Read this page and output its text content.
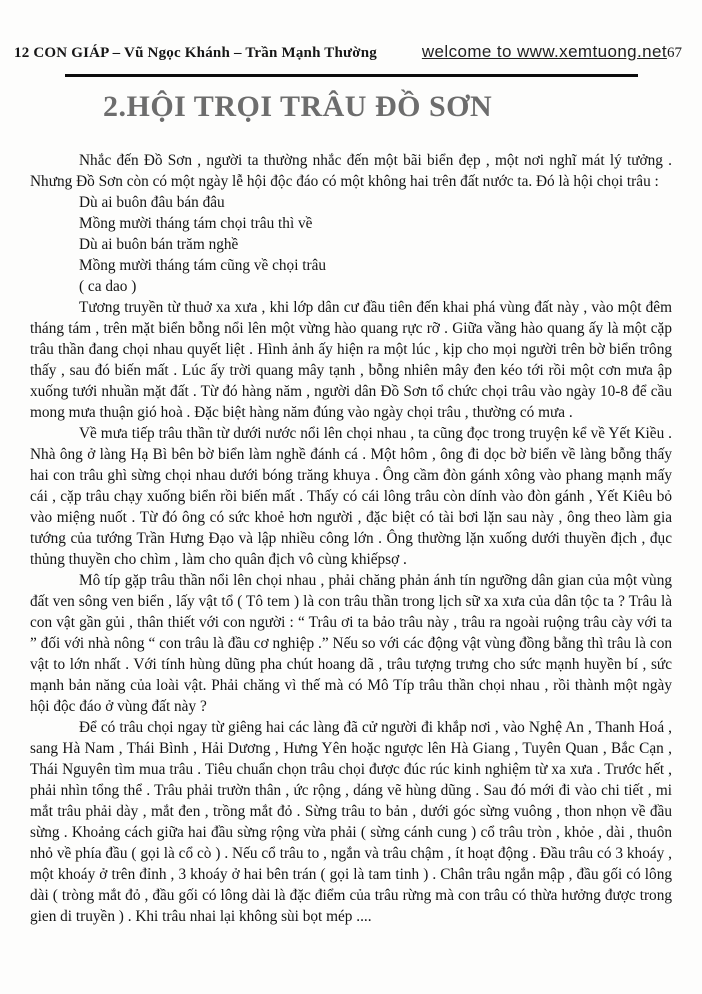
12 CON GIÁP – Vũ Ngọc Khánh – Trần Mạnh Thường	welcome to www.xemtuong.net 67
2.HỘI TRỌI TRÂU ĐỒ SƠN

Nhắc đến Đồ Sơn , người ta thường nhắc đến một bãi biển đẹp , một nơi nghĩ mát lý tưởng . Nhưng Đồ Sơn còn có một ngày lễ hội độc đáo có một không hai trên đất nước ta. Đó là hội chọi trâu :

Dù ai buôn đâu bán đâu
Mồng mười tháng tám chọi trâu thì về
Dù ai buôn bán trăm nghề
Mồng mười tháng tám cũng về chọi trâu
( ca dao )

Tương truyền từ thuở xa xưa , khi lớp dân cư đầu tiên đến khai phá vùng đất này , vào một đêm tháng tám , trên mặt biển bỗng nổi lên một vừng hào quang rực rỡ . Giữa vầng hào quang ấy là một cặp trâu thần đang chọi nhau quyết liệt . Hình ảnh ấy hiện ra một lúc , kịp cho mọi người trên bờ biển trông thấy , sau đó biến mất . Lúc ấy trời quang mây tạnh , bỗng nhiên mây đen kéo tới rồi một cơn mưa ập xuống tưới nhuần mặt đất . Từ đó hàng năm , người dân Đồ Sơn tổ chức chọi trâu vào ngày 10-8 để cầu mong mưa thuận gió hoà . Đặc biệt hàng năm đúng vào ngày chọi trâu , thường có mưa .

Về mưa tiếp trâu thần từ dưới nước nổi lên chọi nhau , ta cũng đọc trong truyện kể về Yết Kiều . Nhà ông ở làng Hạ Bì bên bờ biển làm nghề đánh cá . Một hôm , ông đi dọc bờ biển về làng bỗng thấy hai con trâu ghì sừng chọi nhau dưới bóng trăng khuya . Ông cầm đòn gánh xông vào phang mạnh mấy cái , cặp trâu chạy xuống biển rồi biến mất . Thấy có cái lông trâu còn dính vào đòn gánh , Yết Kiêu bỏ vào miệng nuốt . Từ đó ông có sức khoẻ hơn người , đặc biệt có tài bơi lặn sau này , ông theo làm gia tướng của tướng Trần Hưng Đạo và lập nhiều công lớn . Ông thường lặn xuống dưới thuyền địch , đục thủng thuyền cho chìm , làm cho quân địch vô cùng khiếpsợ .

Mô típ gặp trâu thần nổi lên chọi nhau , phải chăng phản ánh tín ngưỡng dân gian của một vùng đất ven sông ven biển , lấy vật tổ ( Tô tem ) là con trâu thần trong lịch sữ xa xưa của dân tộc ta ? Trâu là con vật gần gủi , thân thiết với con người : “ Trâu ơi ta bảo trâu này , trâu ra ngoài ruộng trâu cày với ta ” đối với nhà nông “ con trâu là đầu cơ nghiệp .” Nếu so với các động vật vùng đồng bằng thì trâu là con vật to lớn nhất . Với tính hùng dũng pha chút hoang dã , trâu tượng trưng cho sức mạnh huyền bí , sức mạnh bản năng của loài vật. Phải chăng vì thế mà có Mô Típ trâu thần chọi nhau , rồi thành một ngày hội độc đáo ở vùng đất này ?

Để có trâu chọi ngay từ giêng hai các làng đã cử người đi khắp nơi , vào Nghệ An , Thanh Hoá , sang Hà Nam , Thái Bình , Hải Dương , Hưng Yên hoặc ngược lên Hà Giang , Tuyên Quan , Bắc Cạn , Thái Nguyên tìm mua trâu . Tiêu chuẩn chọn trâu chọi được đúc rúc kinh nghiệm từ xa xưa . Trước hết , phải nhìn tổng thể . Trâu phải trườn thân , ức rộng , dáng vẽ hùng dũng . Sau đó mới đi vào chi tiết , mi mắt trâu phải dày , mắt đen , trồng mắt đỏ . Sừng trâu to bản , dưới góc sừng vuông , thon nhọn về đầu sừng . Khoảng cách giữa hai đầu sừng rộng vừa phải ( sừng cánh cung ) cổ trâu tròn , khỏe , dài , thuôn nhỏ về phía đầu ( gọi là cổ cò ) . Nếu cổ trâu to , ngắn và trâu chậm , ít hoạt động . Đầu trâu có 3 khoáy , một khoáy ở trên đỉnh , 3 khoáy ở hai bên trán ( gọi là tam tinh ) . Chân trâu ngắn mập , đầu gối có lông dài ( tròng mắt đỏ , đầu gối có lông dài là đặc điểm của trâu rừng mà con trâu có thừa hưởng được trong gien di truyền ) . Khi trâu nhai lại không sùi bọt mép ....
